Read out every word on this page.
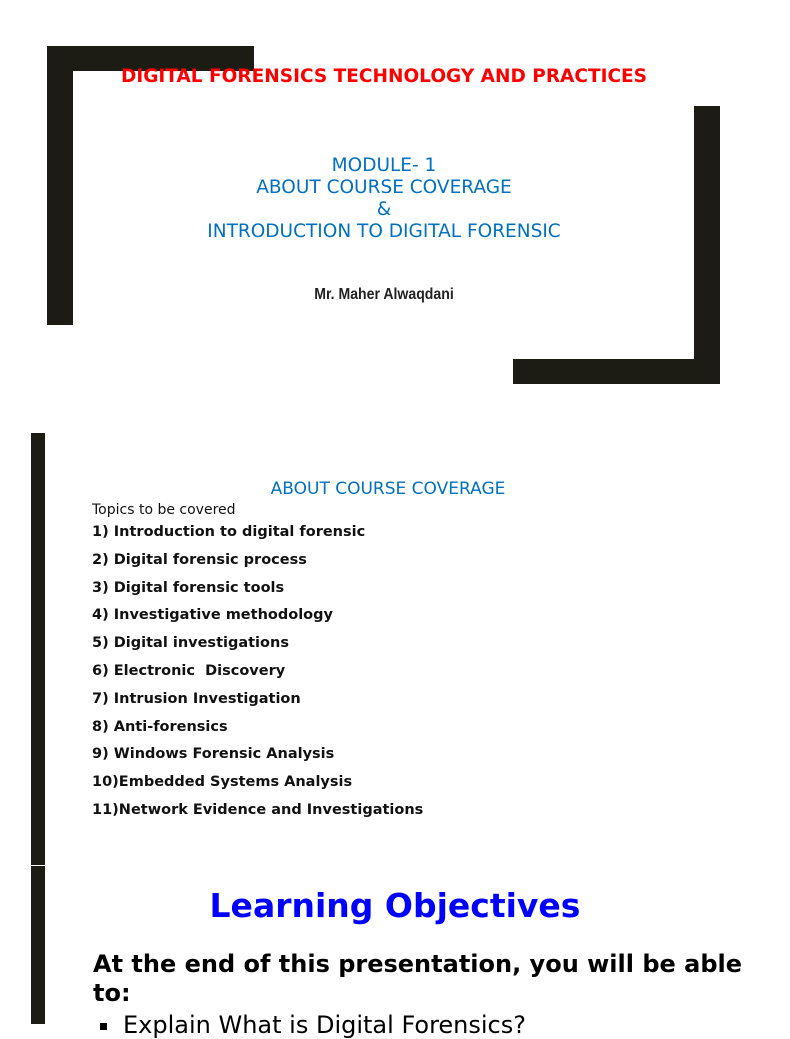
DIGITAL FORENSICS TECHNOLOGY AND PRACTICES
MODULE- 1
ABOUT COURSE COVERAGE
&
INTRODUCTION TO DIGITAL FORENSIC
Mr. Maher Alwaqdani
ABOUT COURSE COVERAGE
Topics to be covered
1) Introduction to digital forensic
2) Digital forensic process
3) Digital forensic tools
4) Investigative methodology
5) Digital investigations
6) Electronic  Discovery
7) Intrusion Investigation
8) Anti-forensics
9) Windows Forensic Analysis
10)Embedded Systems Analysis
11)Network Evidence and Investigations
Learning Objectives
At the end of this presentation, you will be able to:
Explain What is Digital Forensics?
